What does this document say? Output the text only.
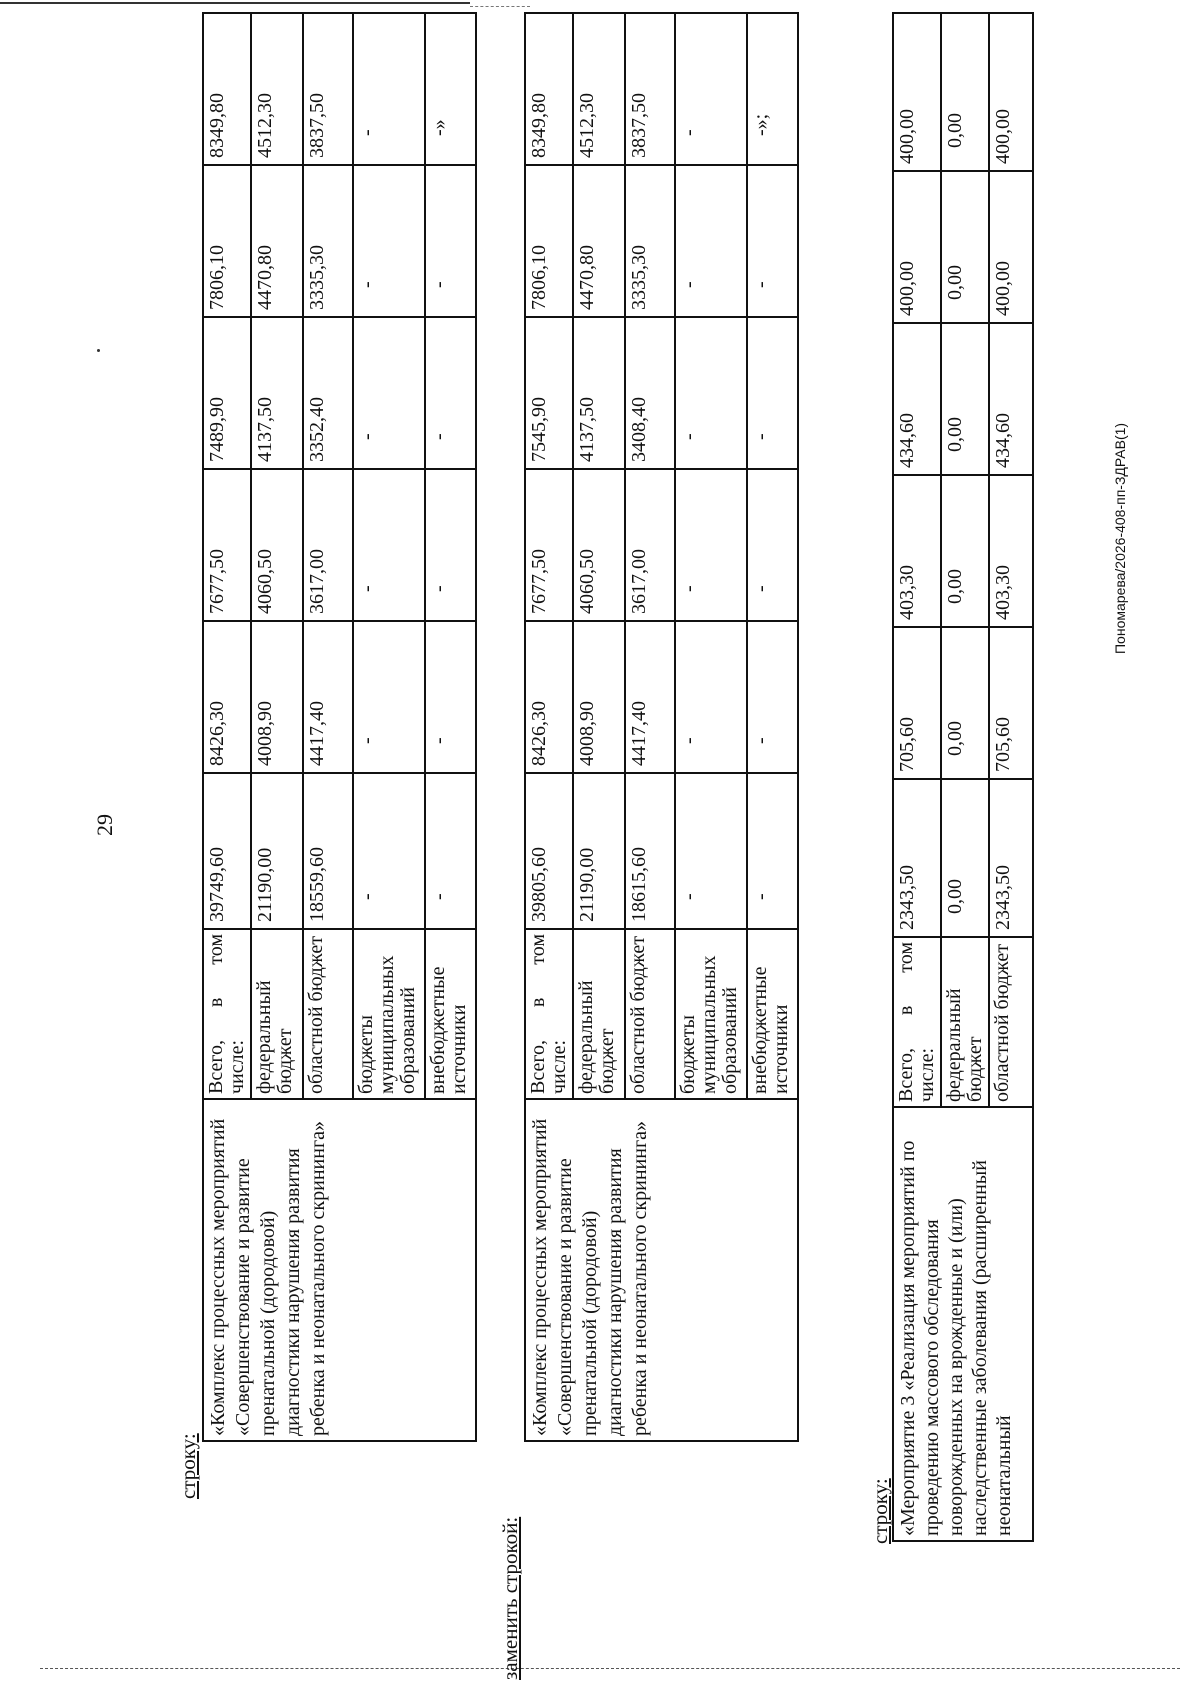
29
строку:
«Комплекс процессных мероприятий «Совершенствование и развитие пренатальной (дородовой) диагностики нарушения развития ребенка и неонатального скрининга»	Всего,
в
том
числе:	39749,60	8426,30	7677,50	7489,90	7806,10	8349,80
	федеральный бюджет	21190,00	4008,90	4060,50	4137,50	4470,80	4512,30
	областной бюджет	18559,60	4417,40	3617,00	3352,40	3335,30	3837,50
	бюджеты муниципальных образований	-	-	-	-	-	-

	внебюджетные источники	-	-	-	-	-	-»
заменить строкой:
«Комплекс процессных мероприятий «Совершенствование и развитие пренатальной (дородовой) диагностики нарушения развития ребенка и неонатального скрининга»	Всего,
в
том
числе:	39805,60	8426,30	7677,50	7545,90	7806,10	8349,80
	федеральный бюджет	21190,00	4008,90	4060,50	4137,50	4470,80	4512,30
	областной бюджет	18615,60	4417,40	3617,00	3408,40	3335,30	3837,50
	бюджеты муниципальных образований	-	-	-	-	-	-

	внебюджетные источники	-	-	-	-	-	-»;
строку: «Мероприятие 3 «Реализация мероприятий по проведению массового обследования новорожденных на врожденные и (или) наследственные заболевания (расширенный неонатальный	Всего,
в
том
числе:	2343,50	705,60	403,30	434,60	400,00	400,00
	федеральный бюджет	0,00	0,00	0,00	0,00	0,00	0,00
	областной бюджет	2343,50	705,60	403,30	434,60	400,00	400,00
Пономарева/2026-408-пп-ЗДРАВ(1)
